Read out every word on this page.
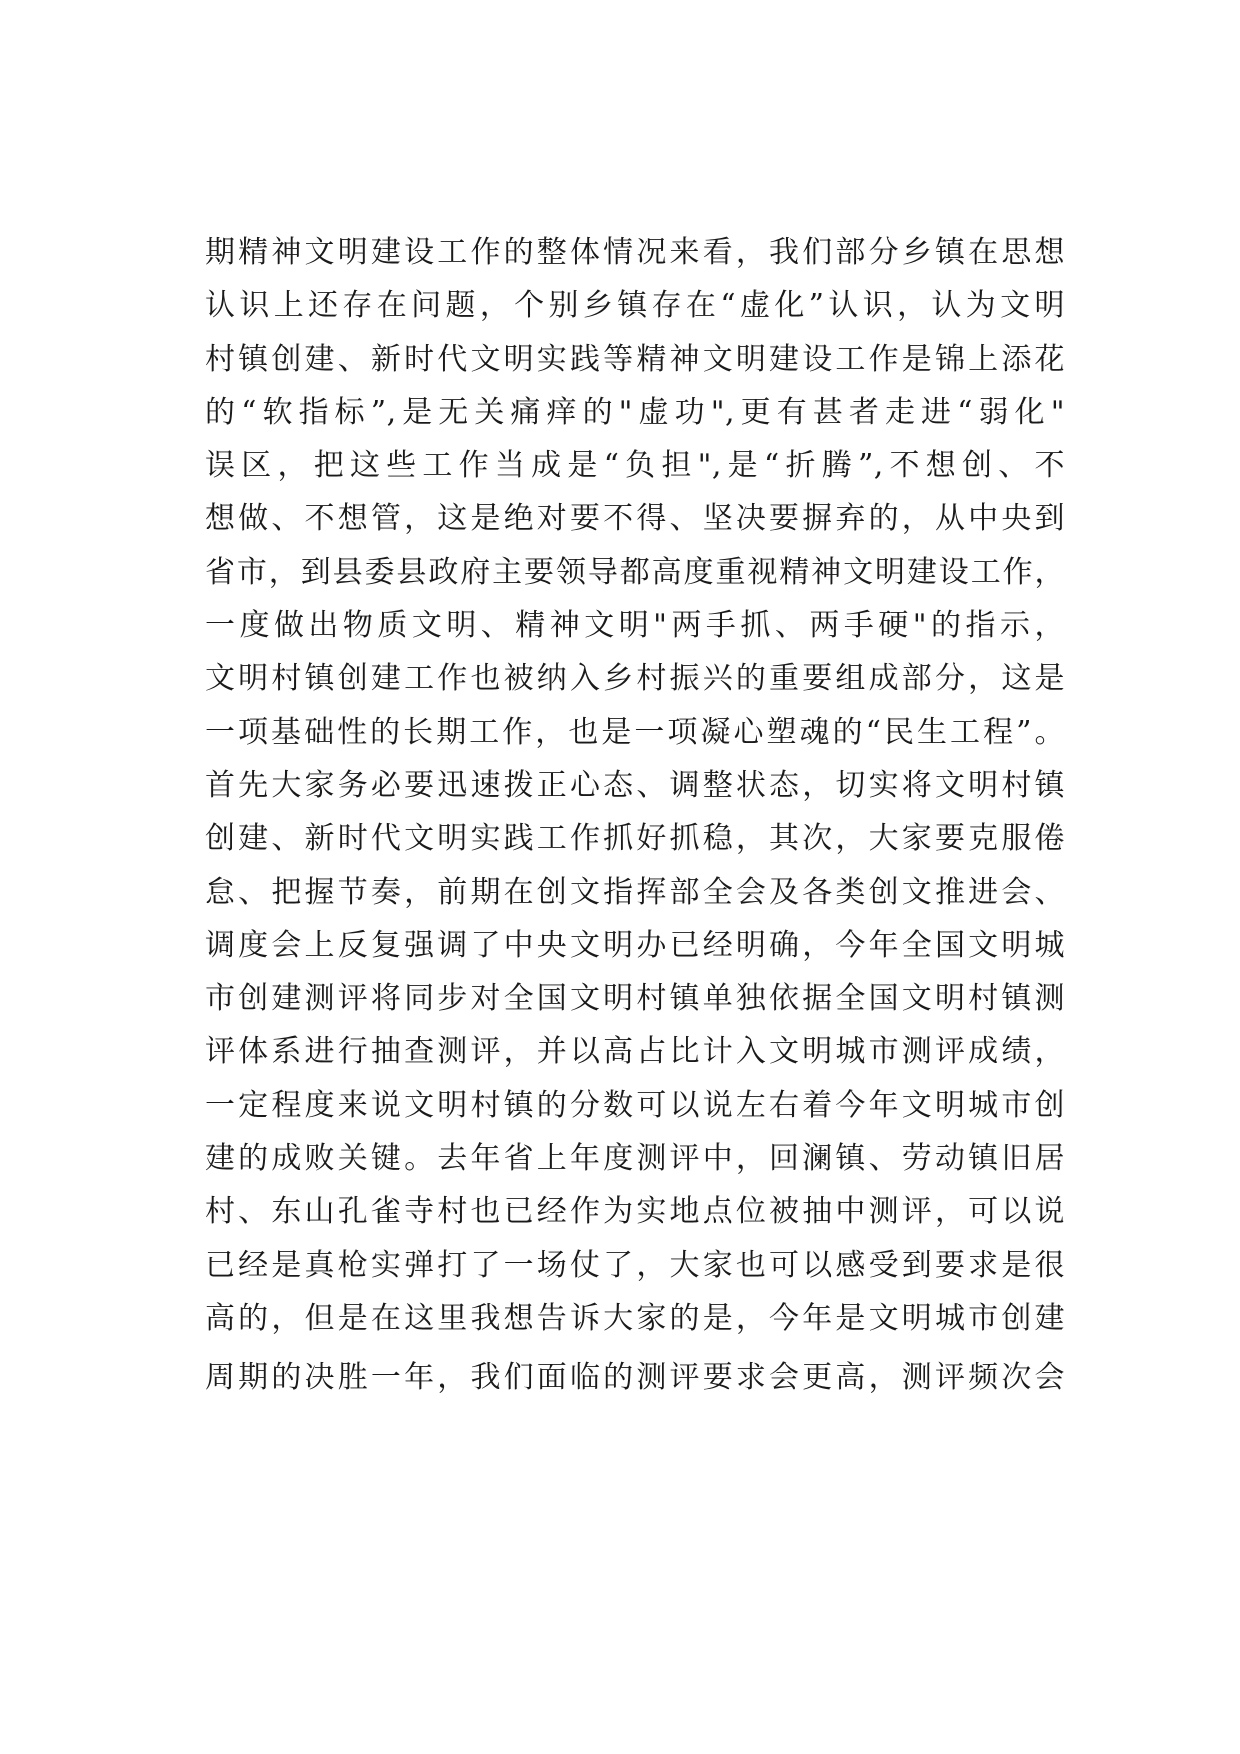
期精神文明建设工作的整体情况来看，我们部分乡镇在思想
认识上还存在问题，个别乡镇存在“虚化”认识，认为文明
村镇创建、新时代文明实践等精神文明建设工作是锦上添花
的“软指标”,是无关痛痒的"虚功",更有甚者走进“弱化"
误区，把这些工作当成是“负担",是“折腾”,不想创、不
想做、不想管，这是绝对要不得、坚决要摒弃的，从中央到
省市，到县委县政府主要领导都高度重视精神文明建设工作，
一度做出物质文明、精神文明"两手抓、两手硬"的指示，
文明村镇创建工作也被纳入乡村振兴的重要组成部分，这是
一项基础性的长期工作，也是一项凝心塑魂的“民生工程”。
首先大家务必要迅速拨正心态、调整状态，切实将文明村镇
创建、新时代文明实践工作抓好抓稳，其次，大家要克服倦
怠、把握节奏，前期在创文指挥部全会及各类创文推进会、
调度会上反复强调了中央文明办已经明确，今年全国文明城
市创建测评将同步对全国文明村镇单独依据全国文明村镇测
评体系进行抽查测评，并以高占比计入文明城市测评成绩，
一定程度来说文明村镇的分数可以说左右着今年文明城市创
建的成败关键。去年省上年度测评中，回澜镇、劳动镇旧居
村、东山孔雀寺村也已经作为实地点位被抽中测评，可以说
已经是真枪实弹打了一场仗了，大家也可以感受到要求是很
高的，但是在这里我想告诉大家的是，今年是文明城市创建
周期的决胜一年，我们面临的测评要求会更高，测评频次会
